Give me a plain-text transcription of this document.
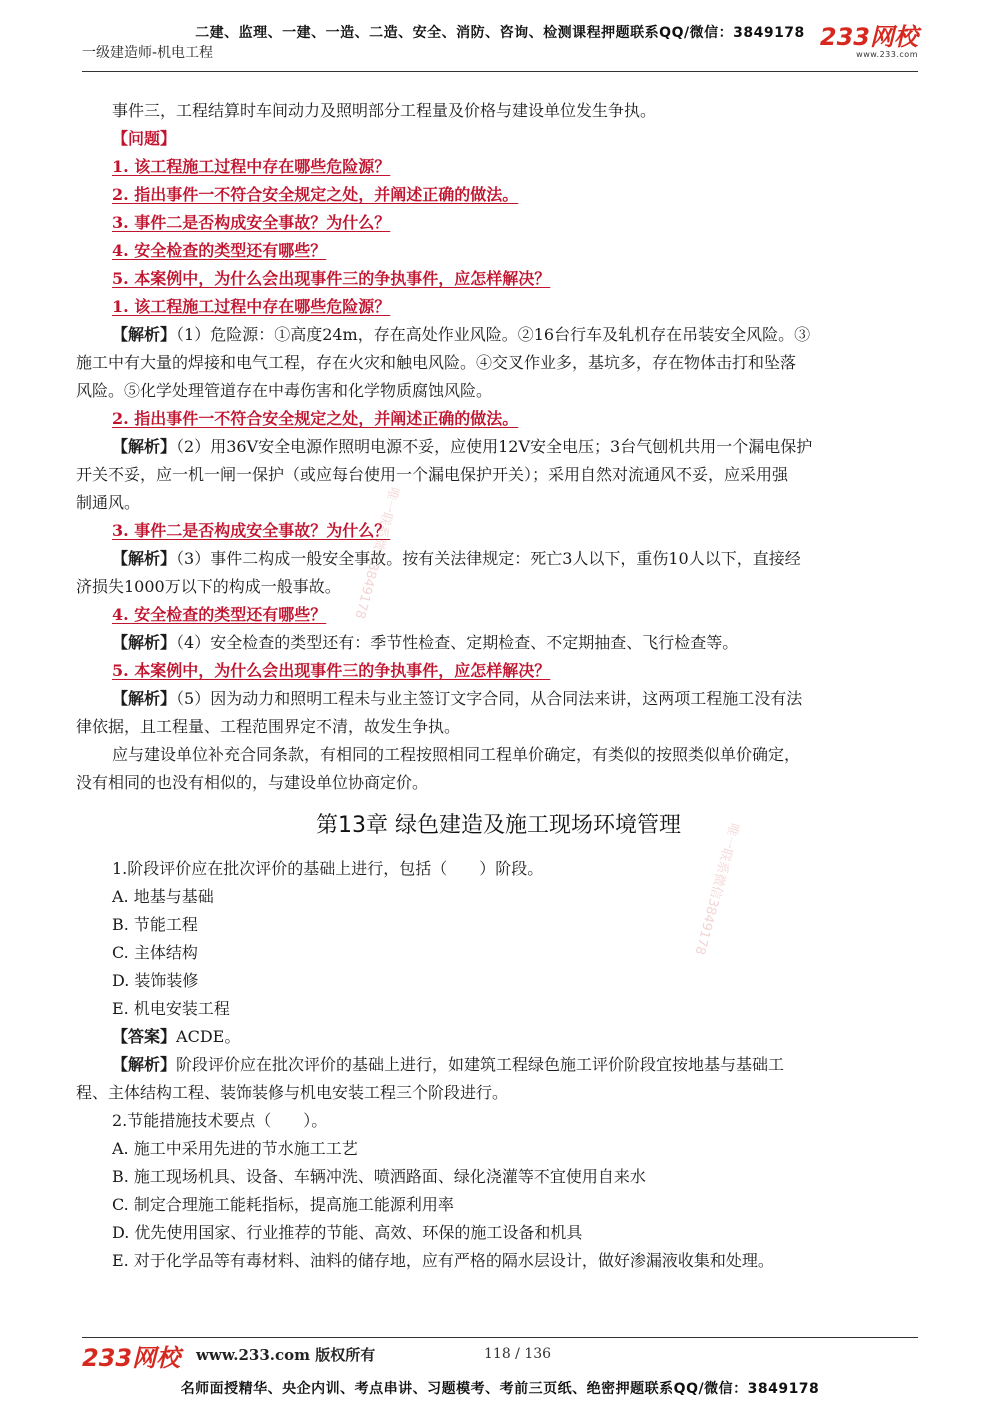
二建、监理、一建、一造、二造、安全、消防、咨询、检测课程押题联系QQ/微信：3849178
一级建造师-机电工程
233网校
www.233.com
唯一联系微信3849178
唯一联系微信3849178
事件三，工程结算时车间动力及照明部分工程量及价格与建设单位发生争执。
【问题】
1. 该工程施工过程中存在哪些危险源？
2. 指出事件一不符合安全规定之处，并阐述正确的做法。
3. 事件二是否构成安全事故？为什么？
4. 安全检查的类型还有哪些？
5. 本案例中，为什么会出现事件三的争执事件，应怎样解决？
1. 该工程施工过程中存在哪些危险源？
【解析】（1）危险源：①高度24m，存在高处作业风险。②16台行车及轧机存在吊装安全风险。③
施工中有大量的焊接和电气工程，存在火灾和触电风险。④交叉作业多，基坑多，存在物体击打和坠落
风险。⑤化学处理管道存在中毒伤害和化学物质腐蚀风险。
2. 指出事件一不符合安全规定之处，并阐述正确的做法。
【解析】（2）用36V安全电源作照明电源不妥，应使用12V安全电压；3台气刨机共用一个漏电保护
开关不妥，应一机一闸一保护（或应每台使用一个漏电保护开关）；采用自然对流通风不妥，应采用强
制通风。
3. 事件二是否构成安全事故？为什么？
【解析】（3）事件二构成一般安全事故。按有关法律规定：死亡3人以下，重伤10人以下，直接经
济损失1000万以下的构成一般事故。
4. 安全检查的类型还有哪些？
【解析】（4）安全检查的类型还有：季节性检查、定期检查、不定期抽查、飞行检查等。
5. 本案例中，为什么会出现事件三的争执事件，应怎样解决？
【解析】（5）因为动力和照明工程未与业主签订文字合同，从合同法来讲，这两项工程施工没有法
律依据，且工程量、工程范围界定不清，故发生争执。
应与建设单位补充合同条款，有相同的工程按照相同工程单价确定，有类似的按照类似单价确定，
没有相同的也没有相似的，与建设单位协商定价。
第13章 绿色建造及施工现场环境管理
1.阶段评价应在批次评价的基础上进行，包括（　　）阶段。
A. 地基与基础
B. 节能工程
C. 主体结构
D. 装饰装修
E. 机电安装工程
【答案】ACDE。
【解析】阶段评价应在批次评价的基础上进行，如建筑工程绿色施工评价阶段宜按地基与基础工
程、主体结构工程、装饰装修与机电安装工程三个阶段进行。
2.节能措施技术要点（　　）。
A. 施工中采用先进的节水施工工艺
B. 施工现场机具、设备、车辆冲洗、喷洒路面、绿化浇灌等不宜使用自来水
C. 制定合理施工能耗指标，提高施工能源利用率
D. 优先使用国家、行业推荐的节能、高效、环保的施工设备和机具
E. 对于化学品等有毒材料、油料的储存地，应有严格的隔水层设计，做好渗漏液收集和处理。
233网校 www.233.com 版权所有	118 / 136
名师面授精华、央企内训、考点串讲、习题模考、考前三页纸、绝密押题联系QQ/微信：3849178
